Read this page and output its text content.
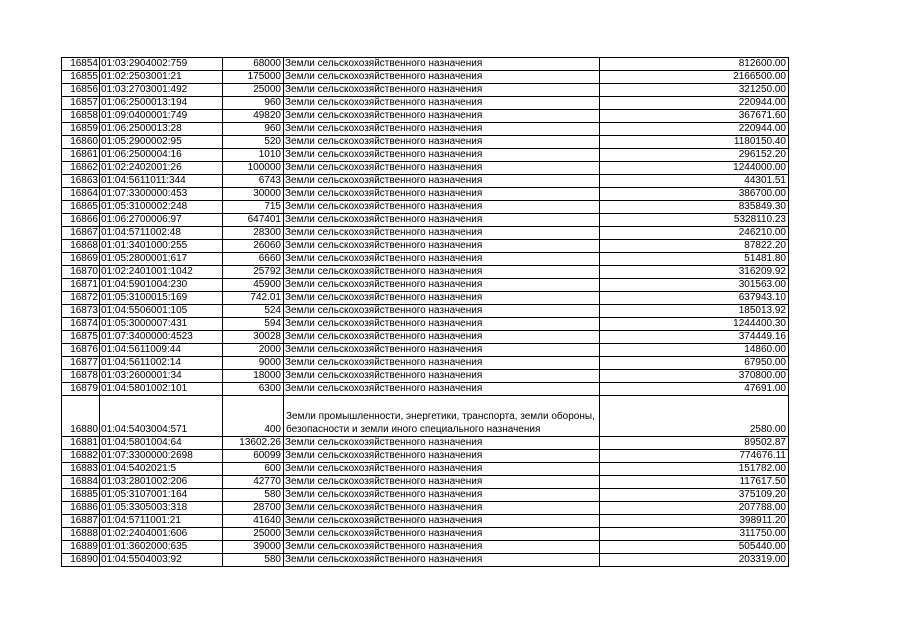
16854	01:03:2904002:759	68000	Земли сельскохозяйственного назначения	812600.00
16855	01:02:2503001:21	175000	Земли сельскохозяйственного назначения	2166500.00
16856	01:03:2703001:492	25000	Земли сельскохозяйственного назначения	321250.00
16857	01:06:2500013:194	960	Земли сельскохозяйственного назначения	220944.00
16858	01:09:0400001:749	49820	Земли сельскохозяйственного назначения	367671.60
16859	01:06:2500013:28	960	Земли сельскохозяйственного назначения	220944.00
16860	01:05:2900002:95	520	Земли сельскохозяйственного назначения	1180150.40
16861	01:06:2500004:16	1010	Земли сельскохозяйственного назначения	296152.20
16862	01:02:2402001:26	100000	Земли сельскохозяйственного назначения	1244000.00
16863	01:04:5611011:344	6743	Земли сельскохозяйственного назначения	44301.51
16864	01:07:3300000:453	30000	Земли сельскохозяйственного назначения	386700.00
16865	01:05:3100002:248	715	Земли сельскохозяйственного назначения	835849.30
16866	01:06:2700006:97	647401	Земли сельскохозяйственного назначения	5328110.23
16867	01:04:5711002:48	28300	Земли сельскохозяйственного назначения	246210.00
16868	01:01:3401000:255	26060	Земли сельскохозяйственного назначения	87822.20
16869	01:05:2800001:617	6660	Земли сельскохозяйственного назначения	51481.80
16870	01:02:2401001:1042	25792	Земли сельскохозяйственного назначения	316209.92
16871	01:04:5901004:230	45900	Земли сельскохозяйственного назначения	301563.00
16872	01:05:3100015:169	742.01	Земли сельскохозяйственного назначения	637943.10
16873	01:04:5506001:105	524	Земли сельскохозяйственного назначения	185013.92
16874	01:05:3000007:431	594	Земли сельскохозяйственного назначения	1244400.30
16875	01:07:3400000:4523	30028	Земли сельскохозяйственного назначения	374449.16
16876	01:04:5611009:44	2000	Земли сельскохозяйственного назначения	14860.00
16877	01:04:5611002:14	9000	Земли сельскохозяйственного назначения	67950.00
16878	01:03:2600001:34	18000	Земли сельскохозяйственного назначения	370800.00
16879	01:04:5801002:101	6300	Земли сельскохозяйственного назначения	47691.00
16880	01:04:5403004:571	400	Земли промышленности, энергетики, транспорта, земли обороны, безопасности и земли иного специального назначения	2580.00
16881	01:04:5801004:64	13602.26	Земли сельскохозяйственного назначения	89502.87
16882	01:07:3300000:2698	60099	Земли сельскохозяйственного назначения	774676.11
16883	01:04:5402021:5	600	Земли сельскохозяйственного назначения	151782.00
16884	01:03:2801002:206	42770	Земли сельскохозяйственного назначения	117617.50
16885	01:05:3107001:164	580	Земли сельскохозяйственного назначения	375109.20
16886	01:05:3305003:318	28700	Земли сельскохозяйственного назначения	207788.00
16887	01:04:5711001:21	41640	Земли сельскохозяйственного назначения	398911.20
16888	01:02:2404001:606	25000	Земли сельскохозяйственного назначения	311750.00
16889	01:01:3602000:635	39000	Земли сельскохозяйственного назначения	505440.00
16890	01:04:5504003:92	580	Земли сельскохозяйственного назначения	203319.00
